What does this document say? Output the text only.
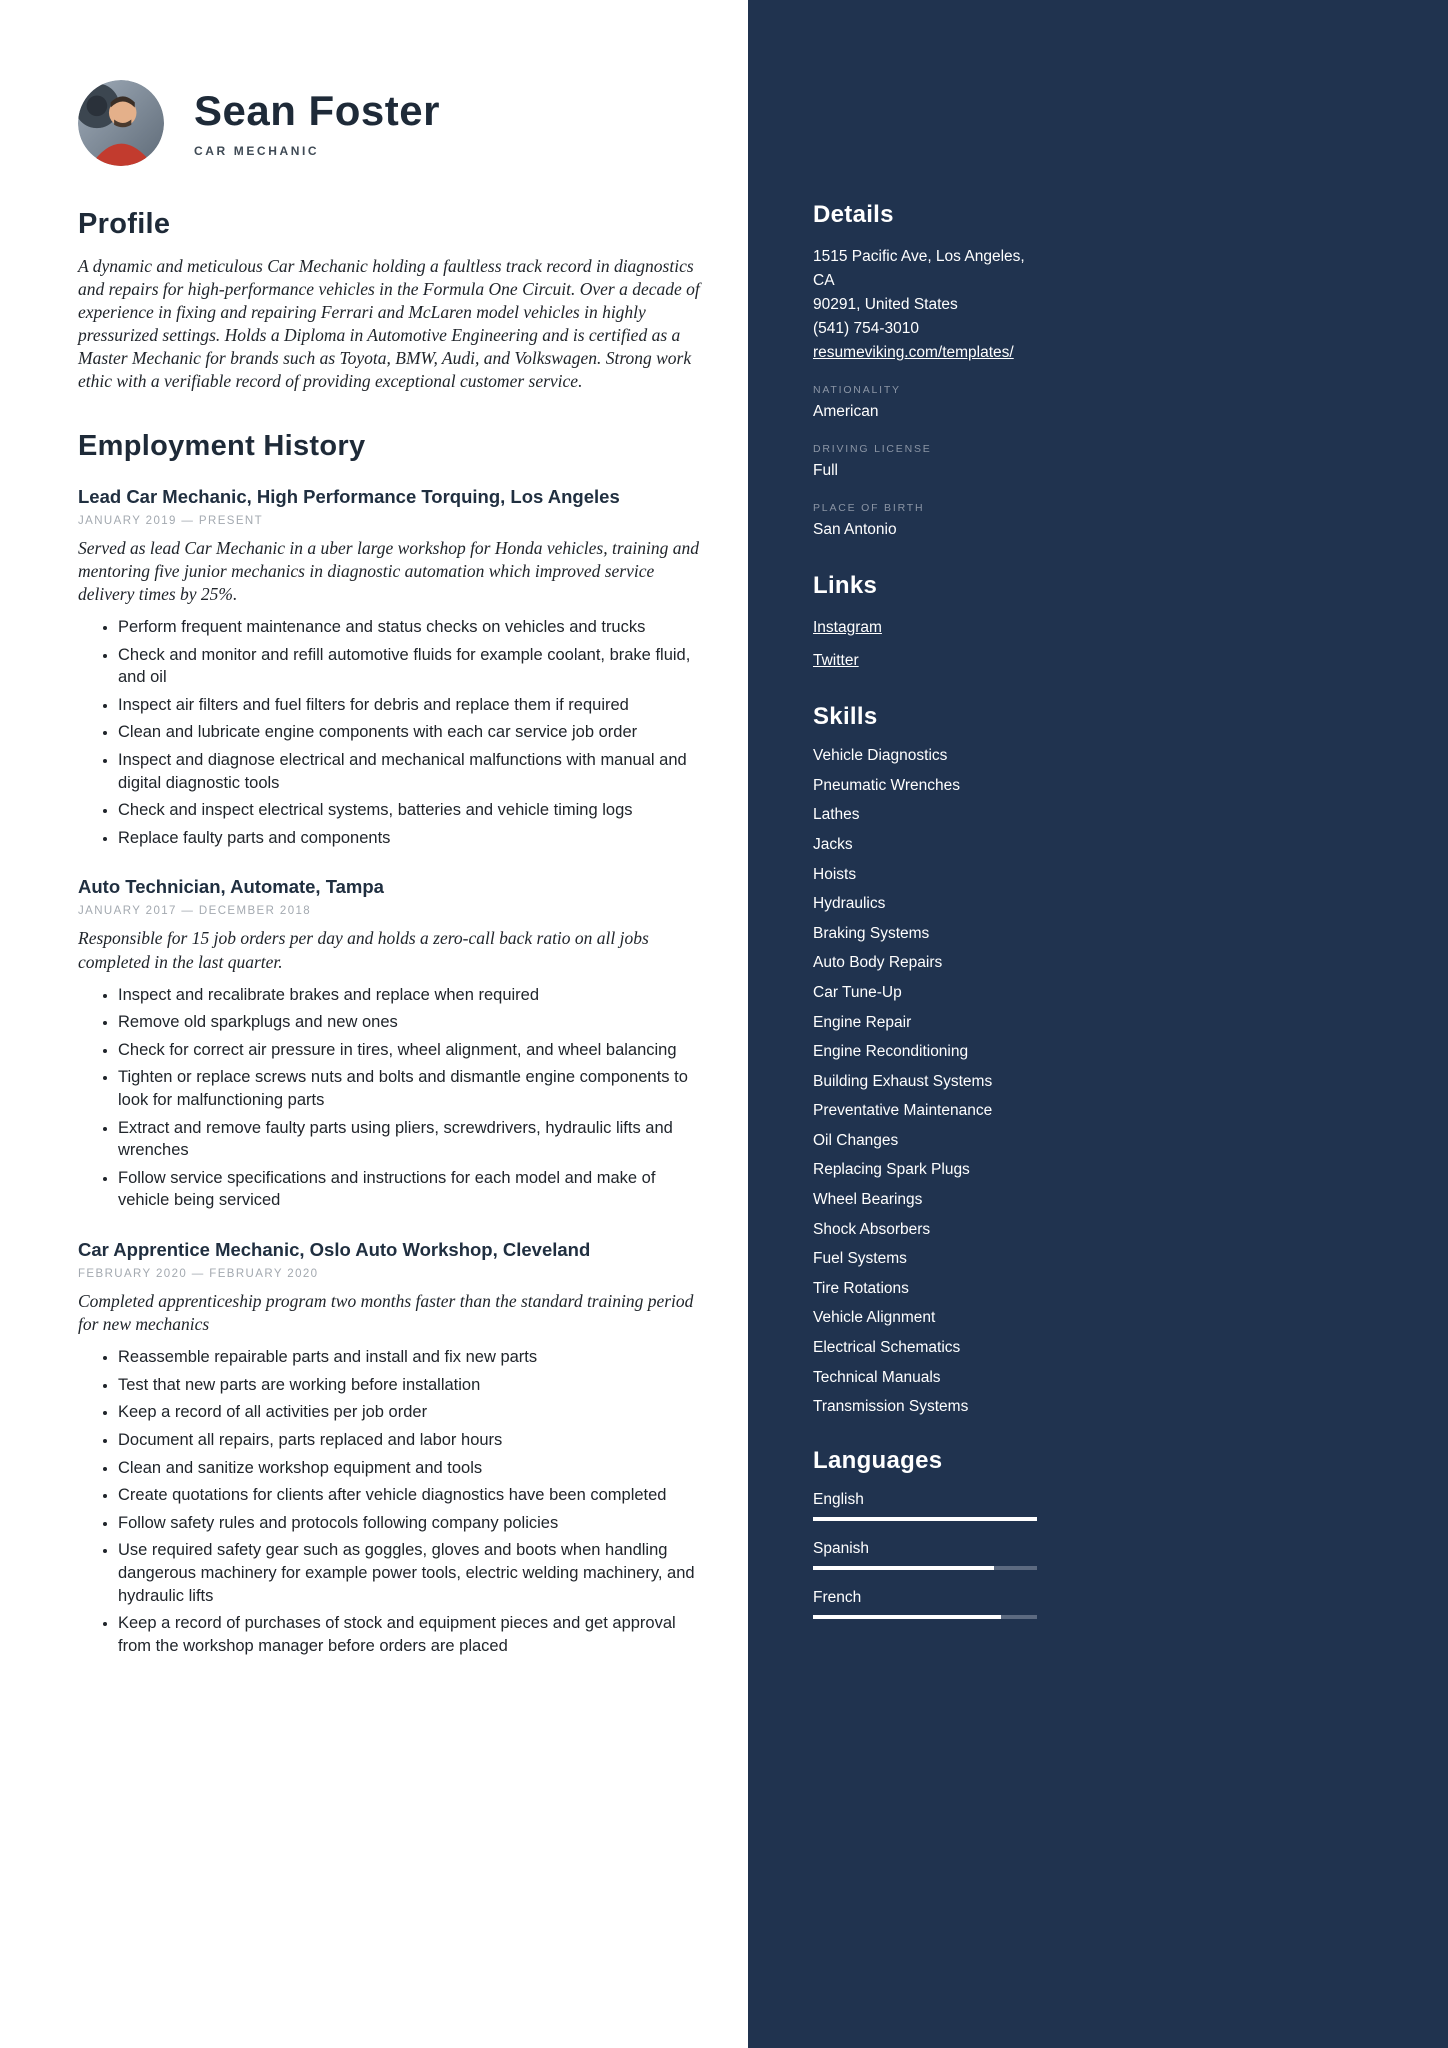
Sean Foster
CAR MECHANIC
Profile

A dynamic and meticulous Car Mechanic holding a faultless track record in diagnostics and repairs for high-performance vehicles in the Formula One Circuit. Over a decade of experience in fixing and repairing Ferrari and McLaren model vehicles in highly pressurized settings. Holds a Diploma in Automotive Engineering and is certified as a Master Mechanic for brands such as Toyota, BMW, Audi, and Volkswagen. Strong work ethic with a verifiable record of providing exceptional customer service.

Employment History
Lead Car Mechanic, High Performance Torquing, Los Angeles
JANUARY 2019 — PRESENT

Served as lead Car Mechanic in a uber large workshop for Honda vehicles, training and mentoring five junior mechanics in diagnostic automation which improved service delivery times by 25%.

• Perform frequent maintenance and status checks on vehicles and trucks
• Check and monitor and refill automotive fluids for example coolant, brake fluid, and oil
• Inspect air filters and fuel filters for debris and replace them if required
• Clean and lubricate engine components with each car service job order
• Inspect and diagnose electrical and mechanical malfunctions with manual and digital diagnostic tools
• Check and inspect electrical systems, batteries and vehicle timing logs
• Replace faulty parts and components
Auto Technician, Automate, Tampa
JANUARY 2017 — DECEMBER 2018

Responsible for 15 job orders per day and holds a zero-call back ratio on all jobs completed in the last quarter.

• Inspect and recalibrate brakes and replace when required
• Remove old sparkplugs and new ones
• Check for correct air pressure in tires, wheel alignment, and wheel balancing
• Tighten or replace screws nuts and bolts and dismantle engine components to look for malfunctioning parts
• Extract and remove faulty parts using pliers, screwdrivers, hydraulic lifts and wrenches
• Follow service specifications and instructions for each model and make of vehicle being serviced
Car Apprentice Mechanic, Oslo Auto Workshop, Cleveland
FEBRUARY 2020 — FEBRUARY 2020

Completed apprenticeship program two months faster than the standard training period for new mechanics

• Reassemble repairable parts and install and fix new parts
• Test that new parts are working before installation
• Keep a record of all activities per job order
• Document all repairs, parts replaced and labor hours
• Clean and sanitize workshop equipment and tools
• Create quotations for clients after vehicle diagnostics have been completed
• Follow safety rules and protocols following company policies
• Use required safety gear such as goggles, gloves and boots when handling dangerous machinery for example power tools, electric welding machinery, and hydraulic lifts
• Keep a record of purchases of stock and equipment pieces and get approval from the workshop manager before orders are placed
Details
1515 Pacific Ave, Los Angeles, CA
90291, United States
(541) 754-3010
resumeviking.com/templates/
NATIONALITY
American
DRIVING LICENSE
Full
PLACE OF BIRTH
San Antonio
Links
Instagram
Twitter
Skills
Vehicle Diagnostics
Pneumatic Wrenches
Lathes
Jacks
Hoists
Hydraulics
Braking Systems
Auto Body Repairs
Car Tune-Up
Engine Repair
Engine Reconditioning
Building Exhaust Systems
Preventative Maintenance
Oil Changes
Replacing Spark Plugs
Wheel Bearings
Shock Absorbers
Fuel Systems
Tire Rotations
Vehicle Alignment
Electrical Schematics
Technical Manuals
Transmission Systems
Languages
English
Spanish
French
